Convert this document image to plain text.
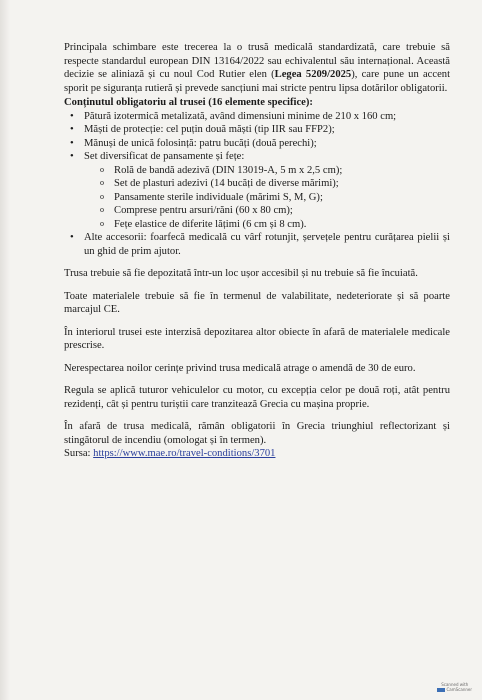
Principala schimbare este trecerea la o trusă medicală standardizată, care trebuie să respecte standardul european DIN 13164/2022 sau echivalentul său internațional. Această decizie se aliniază și cu noul Cod Rutier elen (Legea 5209/2025), care pune un accent sporit pe siguranța rutieră și prevede sancțiuni mai stricte pentru lipsa dotărilor obligatorii.

Conținutul obligatoriu al trusei (16 elemente specifice):

• Pătură izotermică metalizată, având dimensiuni minime de 210 x 160 cm;
• Măști de protecție: cel puțin două măști (tip IIR sau FFP2);
• Mănuși de unică folosință: patru bucăți (două perechi);
• Set diversificat de pansamente și fețe:
o Rolă de bandă adezivă (DIN 13019-A, 5 m x 2,5 cm);
o Set de plasturi adezivi (14 bucăți de diverse mărimi);
o Pansamente sterile individuale (mărimi S, M, G);
o Comprese pentru arsuri/răni (60 x 80 cm);
o Fețe elastice de diferite lățimi (6 cm și 8 cm).
• Alte accesorii: foarfecă medicală cu vârf rotunjit, șervețele pentru curățarea pielii și un ghid de prim ajutor.

Trusa trebuie să fie depozitată într-un loc ușor accesibil și nu trebuie să fie încuiată.

Toate materialele trebuie să fie în termenul de valabilitate, nedeteriorate și să poarte marcajul CE.

În interiorul trusei este interzisă depozitarea altor obiecte în afară de materialele medicale prescrise.

Nerespectarea noilor cerințe privind trusa medicală atrage o amendă de 30 de euro.

Regula se aplică tuturor vehiculelor cu motor, cu excepția celor pe două roți, atât pentru rezidenți, cât și pentru turiștii care tranzitează Grecia cu mașina proprie.

În afară de trusa medicală, rămân obligatorii în Grecia triunghiul reflectorizant și stingătorul de incendiu (omologat și în termen).

Sursa: https://www.mae.ro/travel-conditions/3701

Scanned with
CamScanner
